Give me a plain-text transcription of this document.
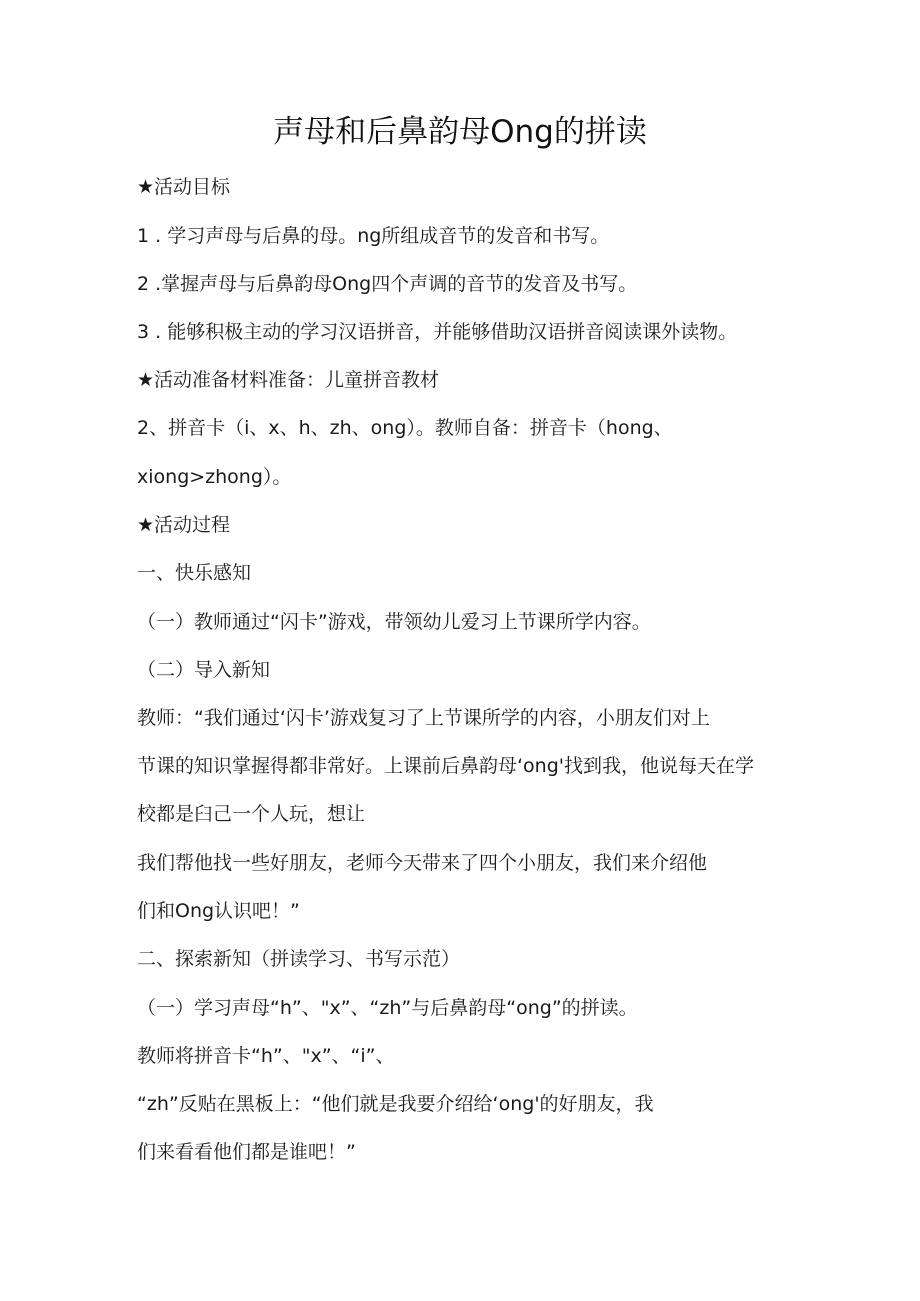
声母和后鼻韵母Ong的拼读
★活动目标
1 . 学习声母与后鼻的母。ng所组成音节的发音和书写。
2 .掌握声母与后鼻韵母Ong四个声调的音节的发音及书写。
3 . 能够积极主动的学习汉语拼音，并能够借助汉语拼音阅读课外读物。
★活动准备材料准备：儿童拼音教材
2、拼音卡（i、x、h、zh、ong）。教师自备：拼音卡（hong、
xiong>zhong）。
★活动过程
一、快乐感知
（一）教师通过“闪卡”游戏，带领幼儿爱习上节课所学内容。
（二）导入新知
教师：“我们通过‘闪卡’游戏复习了上节课所学的内容，小朋友们对上
节课的知识掌握得都非常好。上课前后鼻韵母‘ong'找到我，他说每天在学
校都是臼己一个人玩，想让
我们帮他找一些好朋友，老师今天带来了四个小朋友，我们来介绍他
们和Ong认识吧！”
二、探索新知（拼读学习、书写示范）
（一）学习声母“h”、"x”、“zh”与后鼻韵母“ong”的拼读。
教师将拼音卡“h”、"x”、“i”、
“zh”反贴在黑板上：“他们就是我要介绍给‘ong'的好朋友，我
们来看看他们都是谁吧！”
